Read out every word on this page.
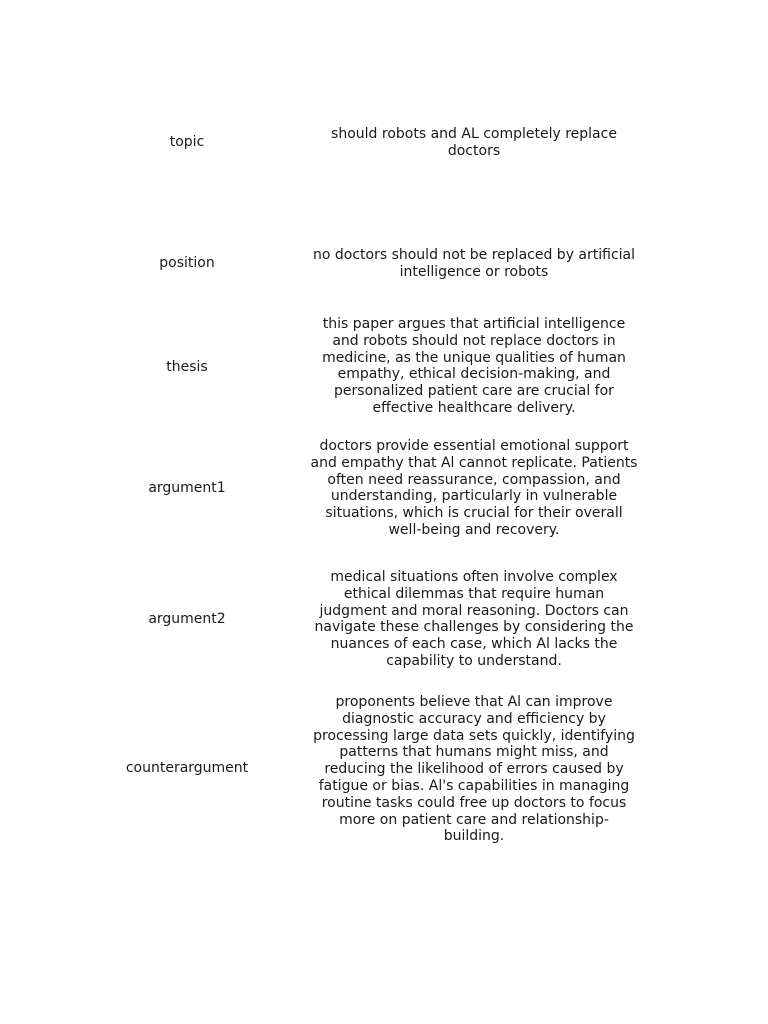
topic	should robots and AL completely replace doctors
position	no doctors should not be replaced by artificial intelligence or robots
thesis
this paper argues that artificial intelligence and robots should not replace doctors in medicine, as the unique qualities of human empathy, ethical decision-making, and personalized patient care are crucial for effective healthcare delivery.
argument1
doctors provide essential emotional support and empathy that Al cannot replicate. Patients often need reassurance, compassion, and understanding, particularly in vulnerable situations, which is crucial for their overall well-being and recovery.
argument2
medical situations often involve complex ethical dilemmas that require human judgment and moral reasoning. Doctors can navigate these challenges by considering the nuances of each case, which Al lacks the capability to understand.
counterargument
proponents believe that Al can improve diagnostic accuracy and efficiency by processing large data sets quickly, identifying patterns that humans might miss, and reducing the likelihood of errors caused by fatigue or bias. Al's capabilities in managing routine tasks could free up doctors to focus more on patient care and relationship-building.
